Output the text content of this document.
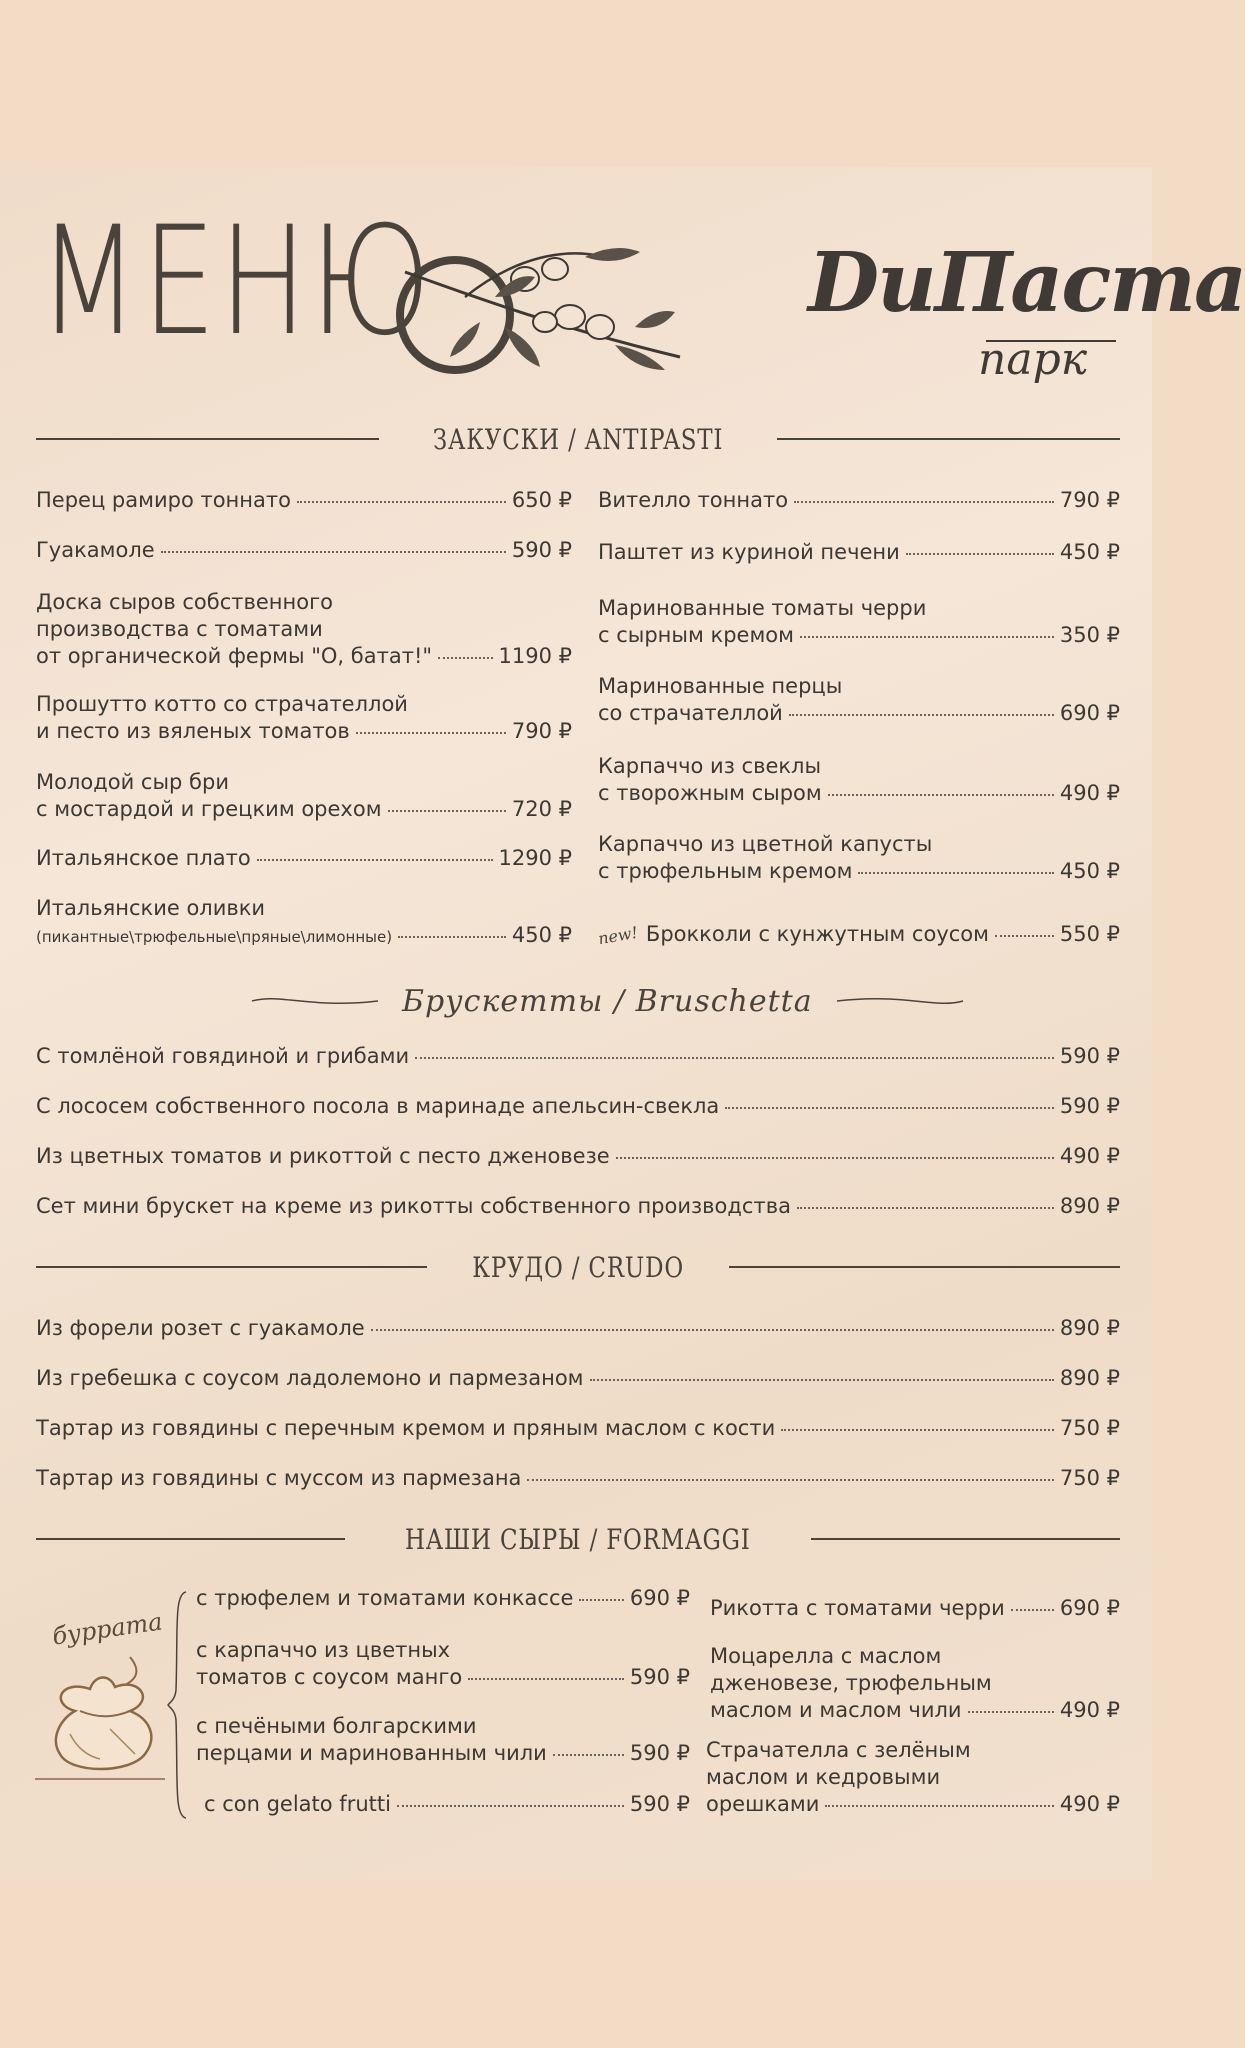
МЕНЮ	DuПаста
парк
ЗАКУСКИ / ANTIPASTI
Перец рамиро тоннато	650 ₽
Гуакамоле	590 ₽
Доска сыров собственного
производства с томатами
от органической фермы "О, батат!"	1190 ₽
Прошутто котто со страчателлой
и песто из вяленых томатов	790 ₽
Молодой сыр бри
с мостардой и грецким орехом	720 ₽
Итальянское плато	1290 ₽
Итальянские оливки
(пикантные\трюфельные\пряные\лимонные)	450 ₽
Вителло тоннато	790 ₽
Паштет из куриной печени	450 ₽
Маринованные томаты черри
с сырным кремом	350 ₽
Маринованные перцы
со страчателлой	690 ₽
Карпаччо из свеклы
с творожным сыром	490 ₽
Карпаччо из цветной капусты
с трюфельным кремом	450 ₽
new! Брокколи с кунжутным соусом	550 ₽
Брускетты / Bruschetta
С томлёной говядиной и грибами	590 ₽
С лососем собственного посола в маринаде апельсин-свекла	590 ₽
Из цветных томатов и рикоттой с песто дженовезе	490 ₽
Сет мини брускет на креме из рикотты собственного производства	890 ₽
КРУДО / CRUDO
Из форели розет с гуакамоле	890 ₽
Из гребешка с соусом ладолемоно и пармезаном	890 ₽
Тартар из говядины с перечным кремом и пряным маслом с кости	750 ₽
Тартар из говядины с муссом из пармезана	750 ₽
НАШИ СЫРЫ / FORMAGGI
буррата
с трюфелем и томатами конкассе	690 ₽
с карпаччо из цветных
томатов с соусом манго	590 ₽
с печёными болгарскими
перцами и маринованным чили	590 ₽
c con gelato frutti	590 ₽
Рикотта с томатами черри	690 ₽
Моцарелла с маслом
дженовезе, трюфельным
маслом и маслом чили	490 ₽
Страчателла с зелёным
маслом и кедровыми
орешками	490 ₽
